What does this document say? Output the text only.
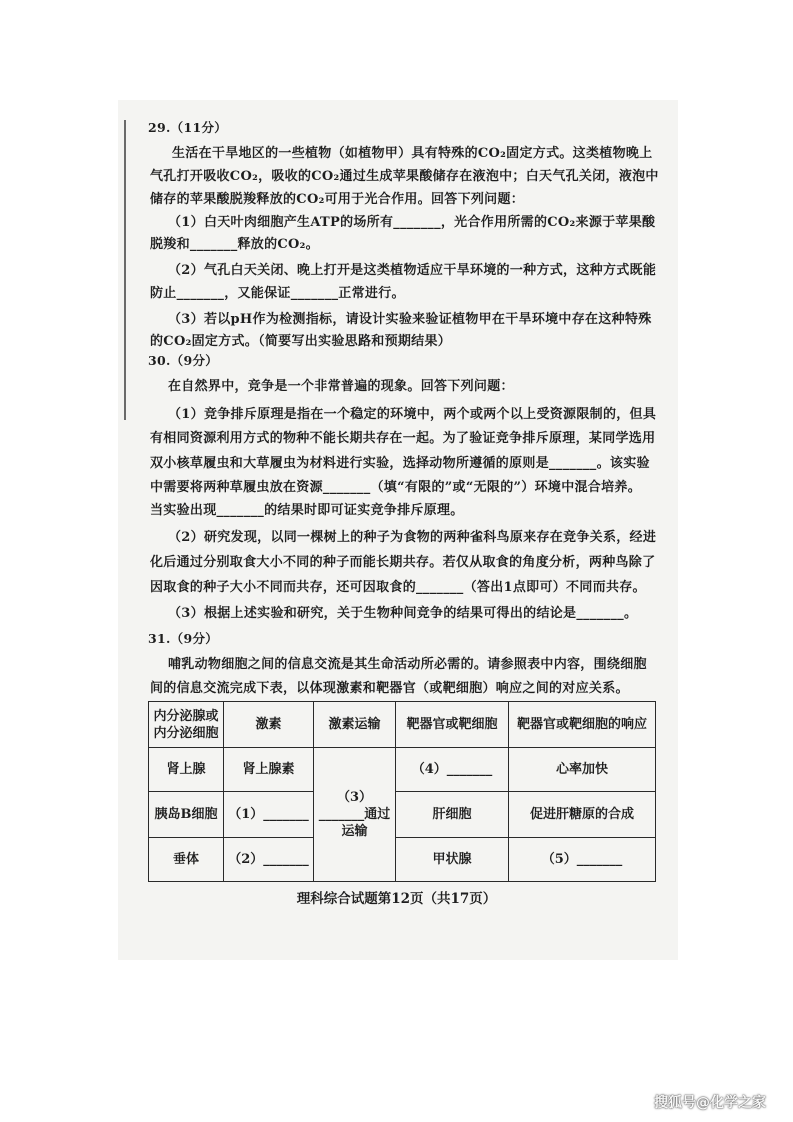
29.（11分）
生活在干旱地区的一些植物（如植物甲）具有特殊的CO₂固定方式。这类植物晚上
气孔打开吸收CO₂，吸收的CO₂通过生成苹果酸储存在液泡中；白天气孔关闭，液泡中
储存的苹果酸脱羧释放的CO₂可用于光合作用。回答下列问题：
（1）白天叶肉细胞产生ATP的场所有_______，光合作用所需的CO₂来源于苹果酸
脱羧和_______释放的CO₂。
（2）气孔白天关闭、晚上打开是这类植物适应干旱环境的一种方式，这种方式既能
防止_______，又能保证_______正常进行。
（3）若以pH作为检测指标，请设计实验来验证植物甲在干旱环境中存在这种特殊
的CO₂固定方式。（简要写出实验思路和预期结果）
30.（9分）
在自然界中，竞争是一个非常普遍的现象。回答下列问题：
（1）竞争排斥原理是指在一个稳定的环境中，两个或两个以上受资源限制的，但具
有相同资源利用方式的物种不能长期共存在一起。为了验证竞争排斥原理，某同学选用
双小核草履虫和大草履虫为材料进行实验，选择动物所遵循的原则是_______。该实验
中需要将两种草履虫放在资源_______（填“有限的”或“无限的”）环境中混合培养。
当实验出现_______的结果时即可证实竞争排斥原理。
（2）研究发现，以同一棵树上的种子为食物的两种雀科鸟原来存在竞争关系，经进
化后通过分别取食大小不同的种子而能长期共存。若仅从取食的角度分析，两种鸟除了
因取食的种子大小不同而共存，还可因取食的_______（答出1点即可）不同而共存。
（3）根据上述实验和研究，关于生物种间竞争的结果可得出的结论是_______。
31.（9分）
哺乳动物细胞之间的信息交流是其生命活动所必需的。请参照表中内容，围绕细胞
间的信息交流完成下表，以体现激素和靶器官（或靶细胞）响应之间的对应关系。
内分泌腺或内分泌细胞	激素	激素运输	靶器官或靶细胞	靶器官或靶细胞的响应
肾上腺	肾上腺素	（3）_______通过运输	（4）_______	心率加快
胰岛B细胞	（1）_______		肝细胞	促进肝糖原的合成
垂体	（2）_______		甲状腺	（5）_______
理科综合试题第12页（共17页）
搜狐号@化学之家
